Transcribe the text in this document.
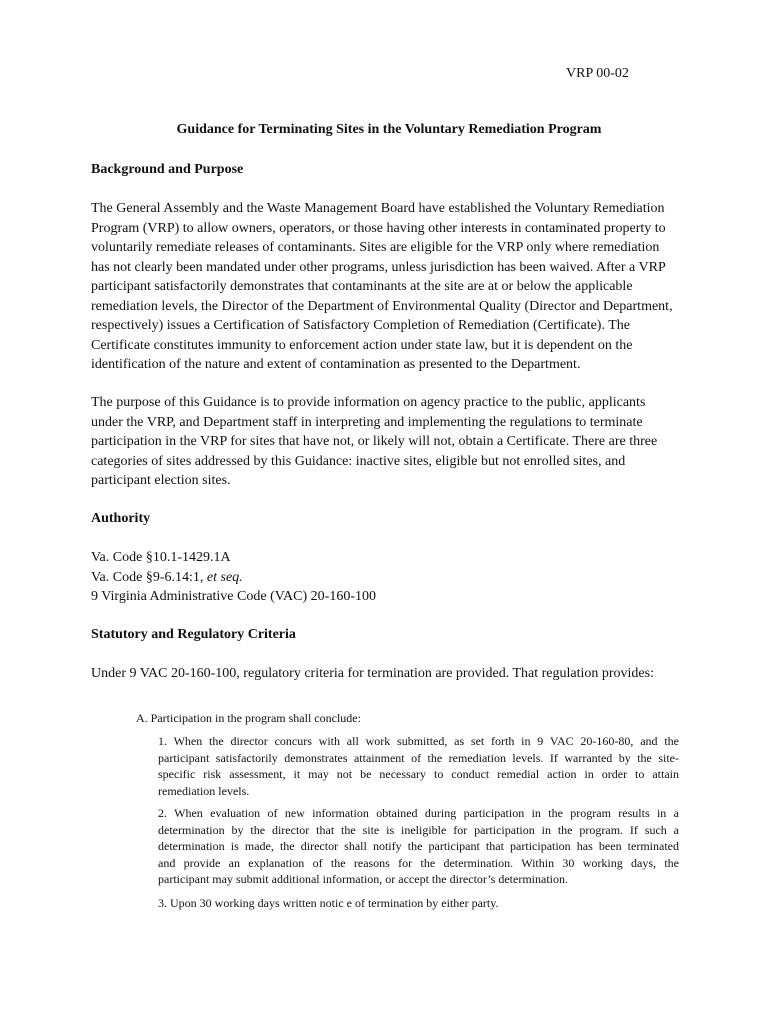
VRP 00-02
Guidance for Terminating Sites in the Voluntary Remediation Program
Background and Purpose
The General Assembly and the Waste Management Board have established the Voluntary Remediation
Program (VRP) to allow owners, operators, or those having other interests in contaminated property to
voluntarily remediate releases of contaminants. Sites are eligible for the VRP only where remediation
has not clearly been mandated under other programs, unless jurisdiction has been waived. After a VRP
participant satisfactorily demonstrates that contaminants at the site are at or below the applicable
remediation levels, the Director of the Department of Environmental Quality (Director and Department,
respectively) issues a Certification of Satisfactory Completion of Remediation (Certificate). The
Certificate constitutes immunity to enforcement action under state law, but it is dependent on the
identification of the nature and extent of contamination as presented to the Department.
The purpose of this Guidance is to provide information on agency practice to the public, applicants
under the VRP, and Department staff in interpreting and implementing the regulations to terminate
participation in the VRP for sites that have not, or likely will not, obtain a Certificate. There are three
categories of sites addressed by this Guidance: inactive sites, eligible but not enrolled sites, and
participant election sites.
Authority
Va. Code §10.1-1429.1A
Va. Code §9-6.14:1, et seq.
9 Virginia Administrative Code (VAC) 20-160-100
Statutory and Regulatory Criteria
Under 9 VAC 20-160-100, regulatory criteria for termination are provided. That regulation provides:
A. Participation in the program shall conclude:
1. When the director concurs with all work submitted, as set forth in 9 VAC 20-160-80, and the
participant satisfactorily demonstrates attainment of the remediation levels. If warranted by the site-
specific risk assessment, it may not be necessary to conduct remedial action in order to attain
remediation levels.
2. When evaluation of new information obtained during participation in the program results in a
determination by the director that the site is ineligible for participation in the program. If such a
determination is made, the director shall notify the participant that participation has been terminated
and provide an explanation of the reasons for the determination. Within 30 working days, the
participant may submit additional information, or accept the director’s determination.
3. Upon 30 working days written notic e of termination by either party.
